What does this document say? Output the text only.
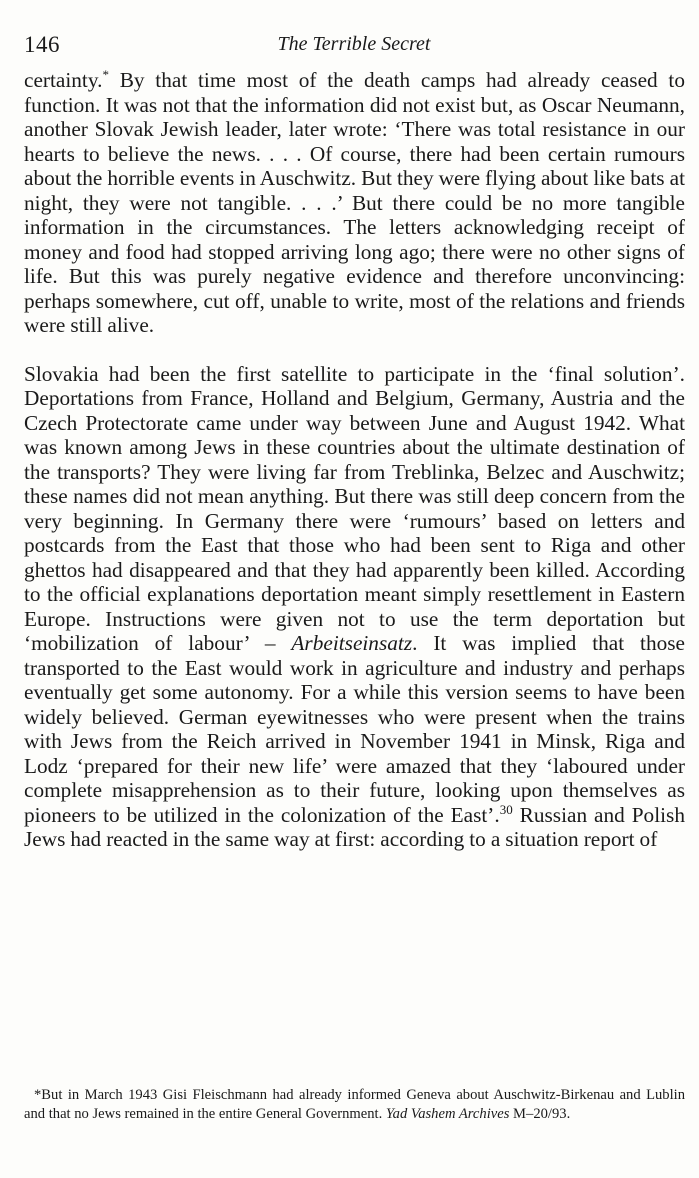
146	The Terrible Secret

certainty.* By that time most of the death camps had already ceased to function. It was not that the information did not exist but, as Oscar Neumann, another Slovak Jewish leader, later wrote: ‘There was total resistance in our hearts to believe the news. . . . Of course, there had been certain rumours about the horrible events in Auschwitz. But they were flying about like bats at night, they were not tangible. . . .’ But there could be no more tangible information in the circumstances. The letters acknowledging receipt of money and food had stopped arriving long ago; there were no other signs of life. But this was purely negative evidence and therefore unconvincing: perhaps somewhere, cut off, unable to write, most of the relations and friends were still alive.

Slovakia had been the first satellite to participate in the ‘final solution’. Deportations from France, Holland and Belgium, Germany, Austria and the Czech Protectorate came under way between June and August 1942. What was known among Jews in these countries about the ultimate destination of the transports? They were living far from Treblinka, Belzec and Auschwitz; these names did not mean anything. But there was still deep concern from the very beginning. In Germany there were ‘rumours’ based on letters and postcards from the East that those who had been sent to Riga and other ghettos had disappeared and that they had apparently been killed. According to the official explanations deportation meant simply resettlement in Eastern Europe. Instructions were given not to use the term deportation but ‘mobilization of labour’ – Arbeitseinsatz. It was implied that those transported to the East would work in agriculture and industry and perhaps eventually get some autonomy. For a while this version seems to have been widely believed. German eyewitnesses who were present when the trains with Jews from the Reich arrived in November 1941 in Minsk, Riga and Lodz ‘prepared for their new life’ were amazed that they ‘laboured under complete misapprehension as to their future, looking upon themselves as pioneers to be utilized in the colonization of the East’.$^{30}$ Russian and Polish Jews had reacted in the same way at first: according to a situation report of

*But in March 1943 Gisi Fleischmann had already informed Geneva about Auschwitz-Birkenau and Lublin and that no Jews remained in the entire General Government. Yad Vashem Archives M–20/93.
